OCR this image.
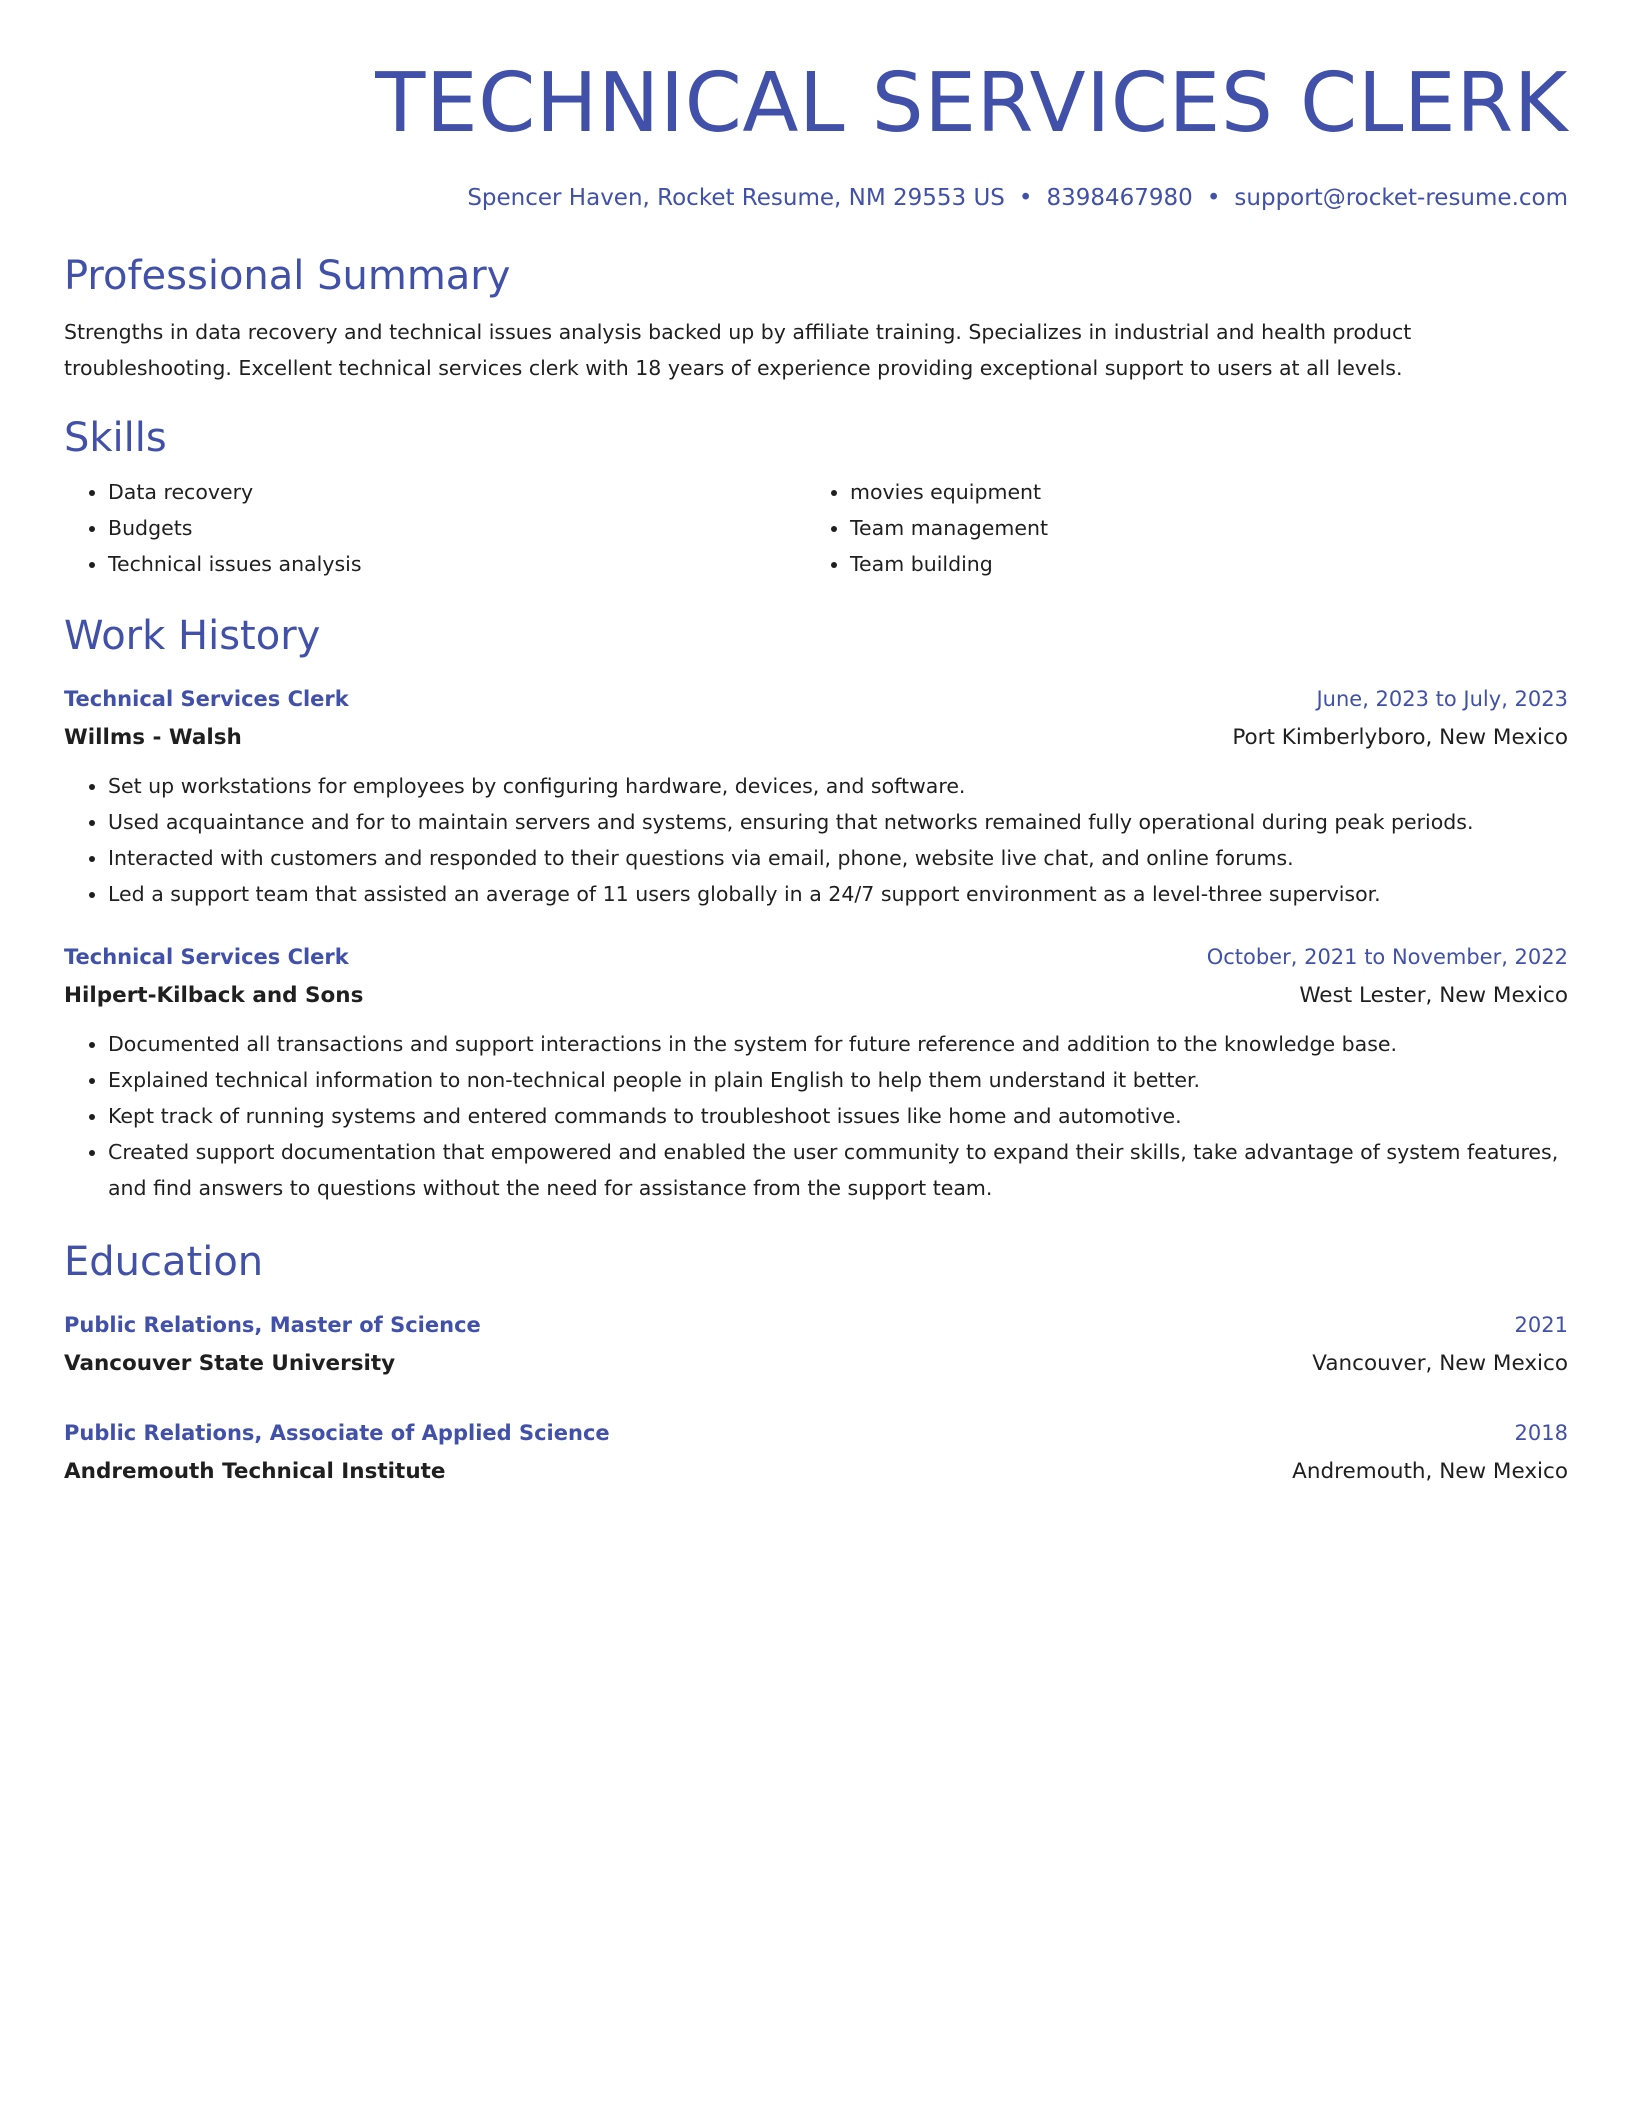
TECHNICAL SERVICES CLERK
Spencer Haven, Rocket Resume, NM 29553 US • 8398467980 • support@rocket-resume.com
Professional Summary
Strengths in data recovery and technical issues analysis backed up by affiliate training. Specializes in industrial and health product troubleshooting. Excellent technical services clerk with 18 years of experience providing exceptional support to users at all levels.
Skills
• Data recovery
• Budgets
• Technical issues analysis
• movies equipment
• Team management
• Team building
Work History
Technical Services Clerk	June, 2023 to July, 2023
Willms - Walsh	Port Kimberlyboro, New Mexico
• Set up workstations for employees by configuring hardware, devices, and software.
• Used acquaintance and for to maintain servers and systems, ensuring that networks remained fully operational during peak periods.
• Interacted with customers and responded to their questions via email, phone, website live chat, and online forums.
• Led a support team that assisted an average of 11 users globally in a 24/7 support environment as a level-three supervisor.
Technical Services Clerk	October, 2021 to November, 2022
Hilpert-Kilback and Sons	West Lester, New Mexico
• Documented all transactions and support interactions in the system for future reference and addition to the knowledge base.
• Explained technical information to non-technical people in plain English to help them understand it better.
• Kept track of running systems and entered commands to troubleshoot issues like home and automotive.
• Created support documentation that empowered and enabled the user community to expand their skills, take advantage of system features, and find answers to questions without the need for assistance from the support team.
Education
Public Relations, Master of Science	2021
Vancouver State University	Vancouver, New Mexico
Public Relations, Associate of Applied Science	2018
Andremouth Technical Institute	Andremouth, New Mexico
